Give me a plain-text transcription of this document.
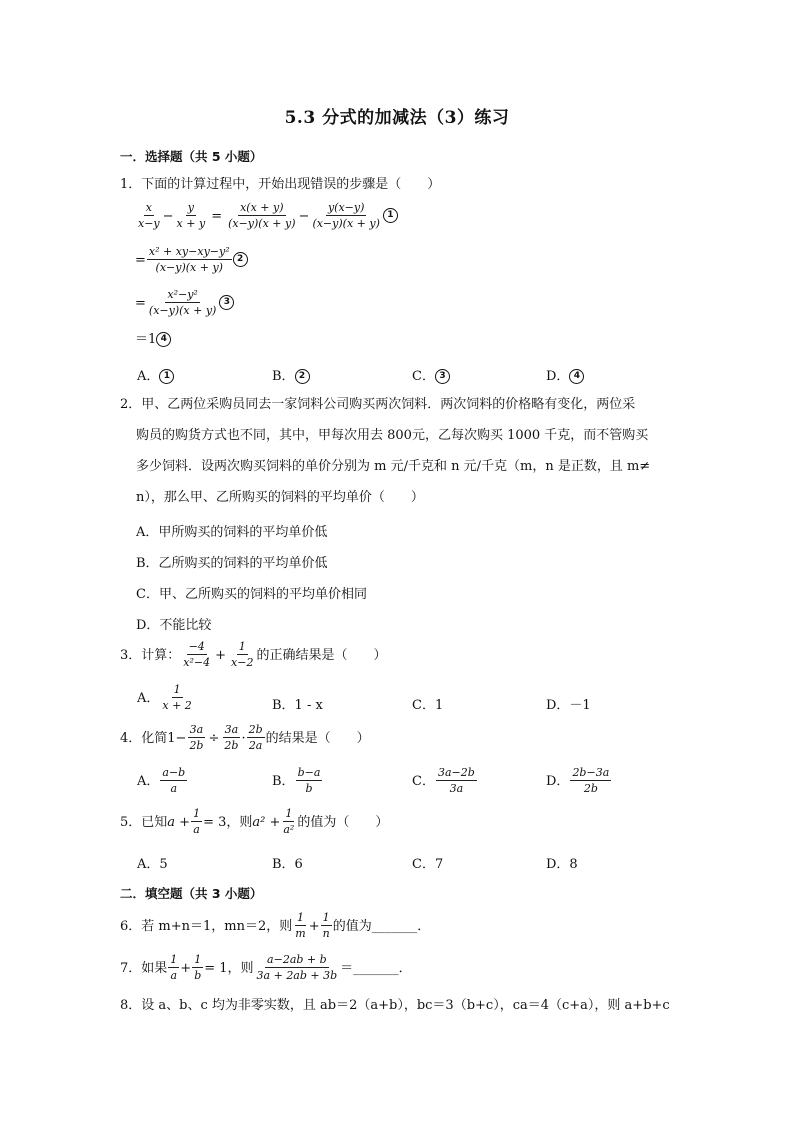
5.3 分式的加减法（3）练习
一．选择题（共 5 小题）
1．下面的计算过程中，开始出现错误的步骤是（　　）
$\frac{x}{x-y} - \frac{y}{x + y} = \frac{x(x + y)}{(x-y)(x + y)} - \frac{y(x-y)}{(x-y)(x + y)} 1$
= $\frac{\text{x² + xy−xy−y²}}{(x-y)(x + y)} 2$
= $\frac{\text{x²−y²}}{(x-y)(x + y)} 3$
＝1 4
A． 1	B． 2	C． 3	D． 4
2．甲、乙两位采购员同去一家饲料公司购买两次饲料．两次饲料的价格略有变化，两位采
购员的购货方式也不同，其中，甲每次用去 800元，乙每次购买 1000 千克，而不管购买
多少饲料．设两次购买饲料的单价分别为 m 元/千克和 n 元/千克（m，n 是正数，且 m≠
n），那么甲、乙所购买的饲料的平均单价（　　）
A．甲所购买的饲料的平均单价低
B．乙所购买的饲料的平均单价低
C．甲、乙所购买的饲料的平均单价相同
D．不能比较
3．计算： $\frac{-4}{\text{x²−4}} + \frac{1}{x-2}$ 的正确结果是（　　）
A． $\frac{1}{x + 2}$	B．1 - x	C．1	D．－1
4．化简$1- \frac{3a}{2b} \div \frac{3a}{2b} \cdot \frac{2b}{2a}$ 的结果是（　　）
A． $\frac{a-b}{a}$	B． $\frac{b-a}{b}$	C． $\frac{3a-2b}{3a}$	D． $\frac{2b-3a}{2b}$
5．已知$a + \frac{1}{a} = 3$，则$a^2 + \frac{1}{\text{a²}}$ 的值为（　　）
A．5	B．6	C．7	D．8
二．填空题（共 3 小题）
6．若 m+n＝1，mn＝2，则 $\frac{1}{m} + \frac{1}{n}$ 的值为_______．
7．如果 $\frac{1}{a} + \frac{1}{b} = 1$，则 $\frac{a-2ab + b}{3a + 2ab + 3b}$ ＝_______．
8．设 a、b、c 均为非零实数，且 ab＝2（a+b），bc＝3（b+c），ca＝4（c+a），则 a+b+c
